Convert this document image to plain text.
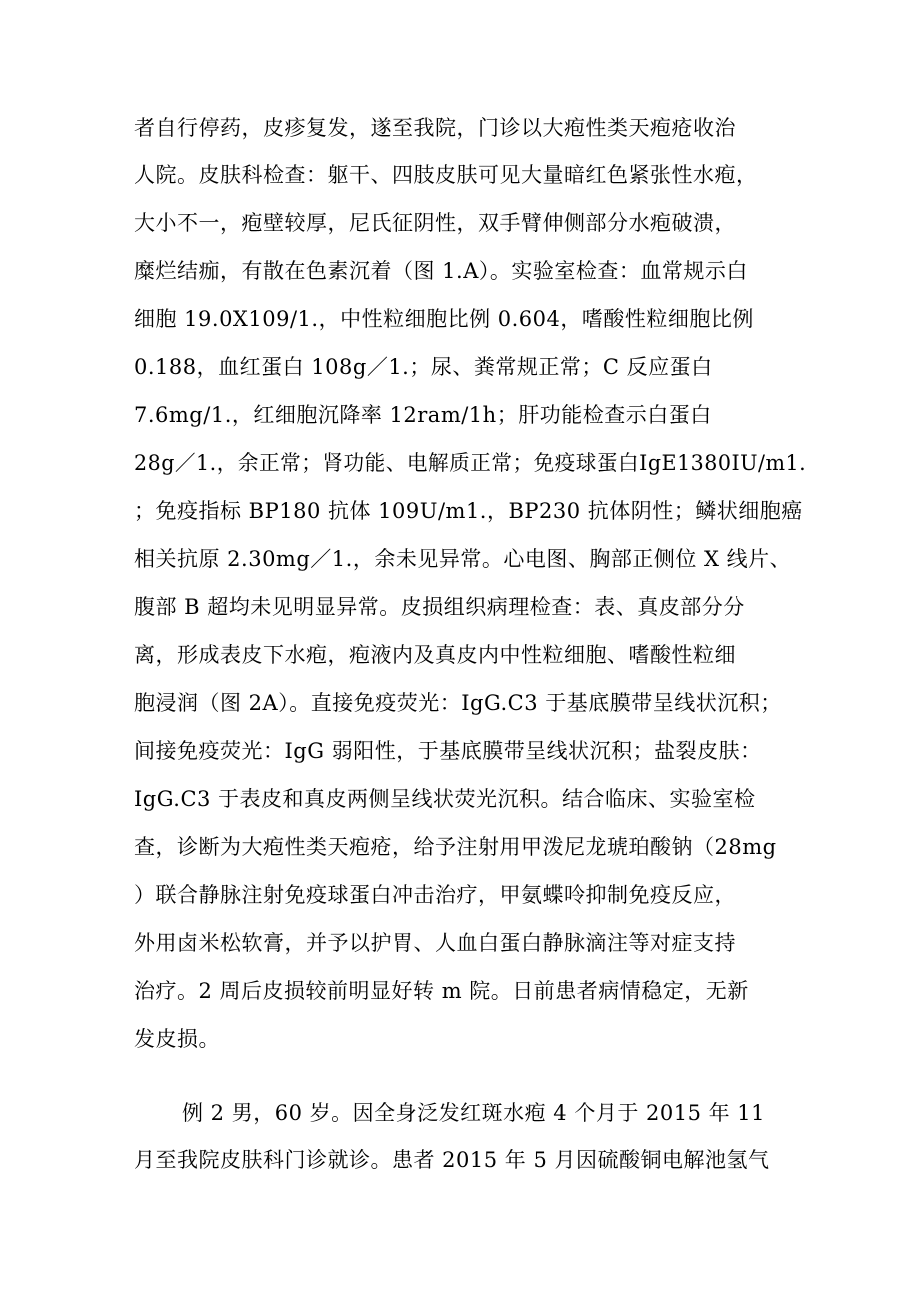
者自行停药，皮疹复发，遂至我院，门诊以大疱性类天疱疮收治
人院。皮肤科检查：躯干、四肢皮肤可见大量暗红色紧张性水疱，
大小不一，疱壁较厚，尼氏征阴性，双手臂伸侧部分水疱破溃，
糜烂结痂，有散在色素沉着（图 1.A）。实验室检查：血常规示白
细胞 19.0X109/1.，中性粒细胞比例 0.604，嗜酸性粒细胞比例
0.188，血红蛋白 108g／1.；尿、粪常规正常；C 反应蛋白
7.6mg/1.，红细胞沉降率 12ram/1h；肝功能检查示白蛋白
28g／1.，余正常；肾功能、电解质正常；免疫球蛋白IgE1380IU/m1.
；免疫指标 BP180 抗体 109U/m1.，BP230 抗体阴性；鳞状细胞癌
相关抗原 2.30mg／1.，余未见异常。心电图、胸部正侧位 X 线片、
腹部 B 超均未见明显异常。皮损组织病理检查：表、真皮部分分
离，形成表皮下水疱，疱液内及真皮内中性粒细胞、嗜酸性粒细
胞浸润（图 2A）。直接免疫荧光：IgG.C3 于基底膜带呈线状沉积；
间接免疫荧光：IgG 弱阳性，于基底膜带呈线状沉积；盐裂皮肤：
IgG.C3 于表皮和真皮两侧呈线状荧光沉积。结合临床、实验室检
查，诊断为大疱性类天疱疮，给予注射用甲泼尼龙琥珀酸钠（28mg
）联合静脉注射免疫球蛋白冲击治疗，甲氨蝶呤抑制免疫反应，
外用卤米松软膏，并予以护胃、人血白蛋白静脉滴注等对症支持
治疗。2 周后皮损较前明显好转 m 院。日前患者病情稳定，无新
发皮损。
例 2 男，60 岁。因全身泛发红斑水疱 4 个月于 2015 年 11
月至我院皮肤科门诊就诊。患者 2015 年 5 月因硫酸铜电解池氢气
